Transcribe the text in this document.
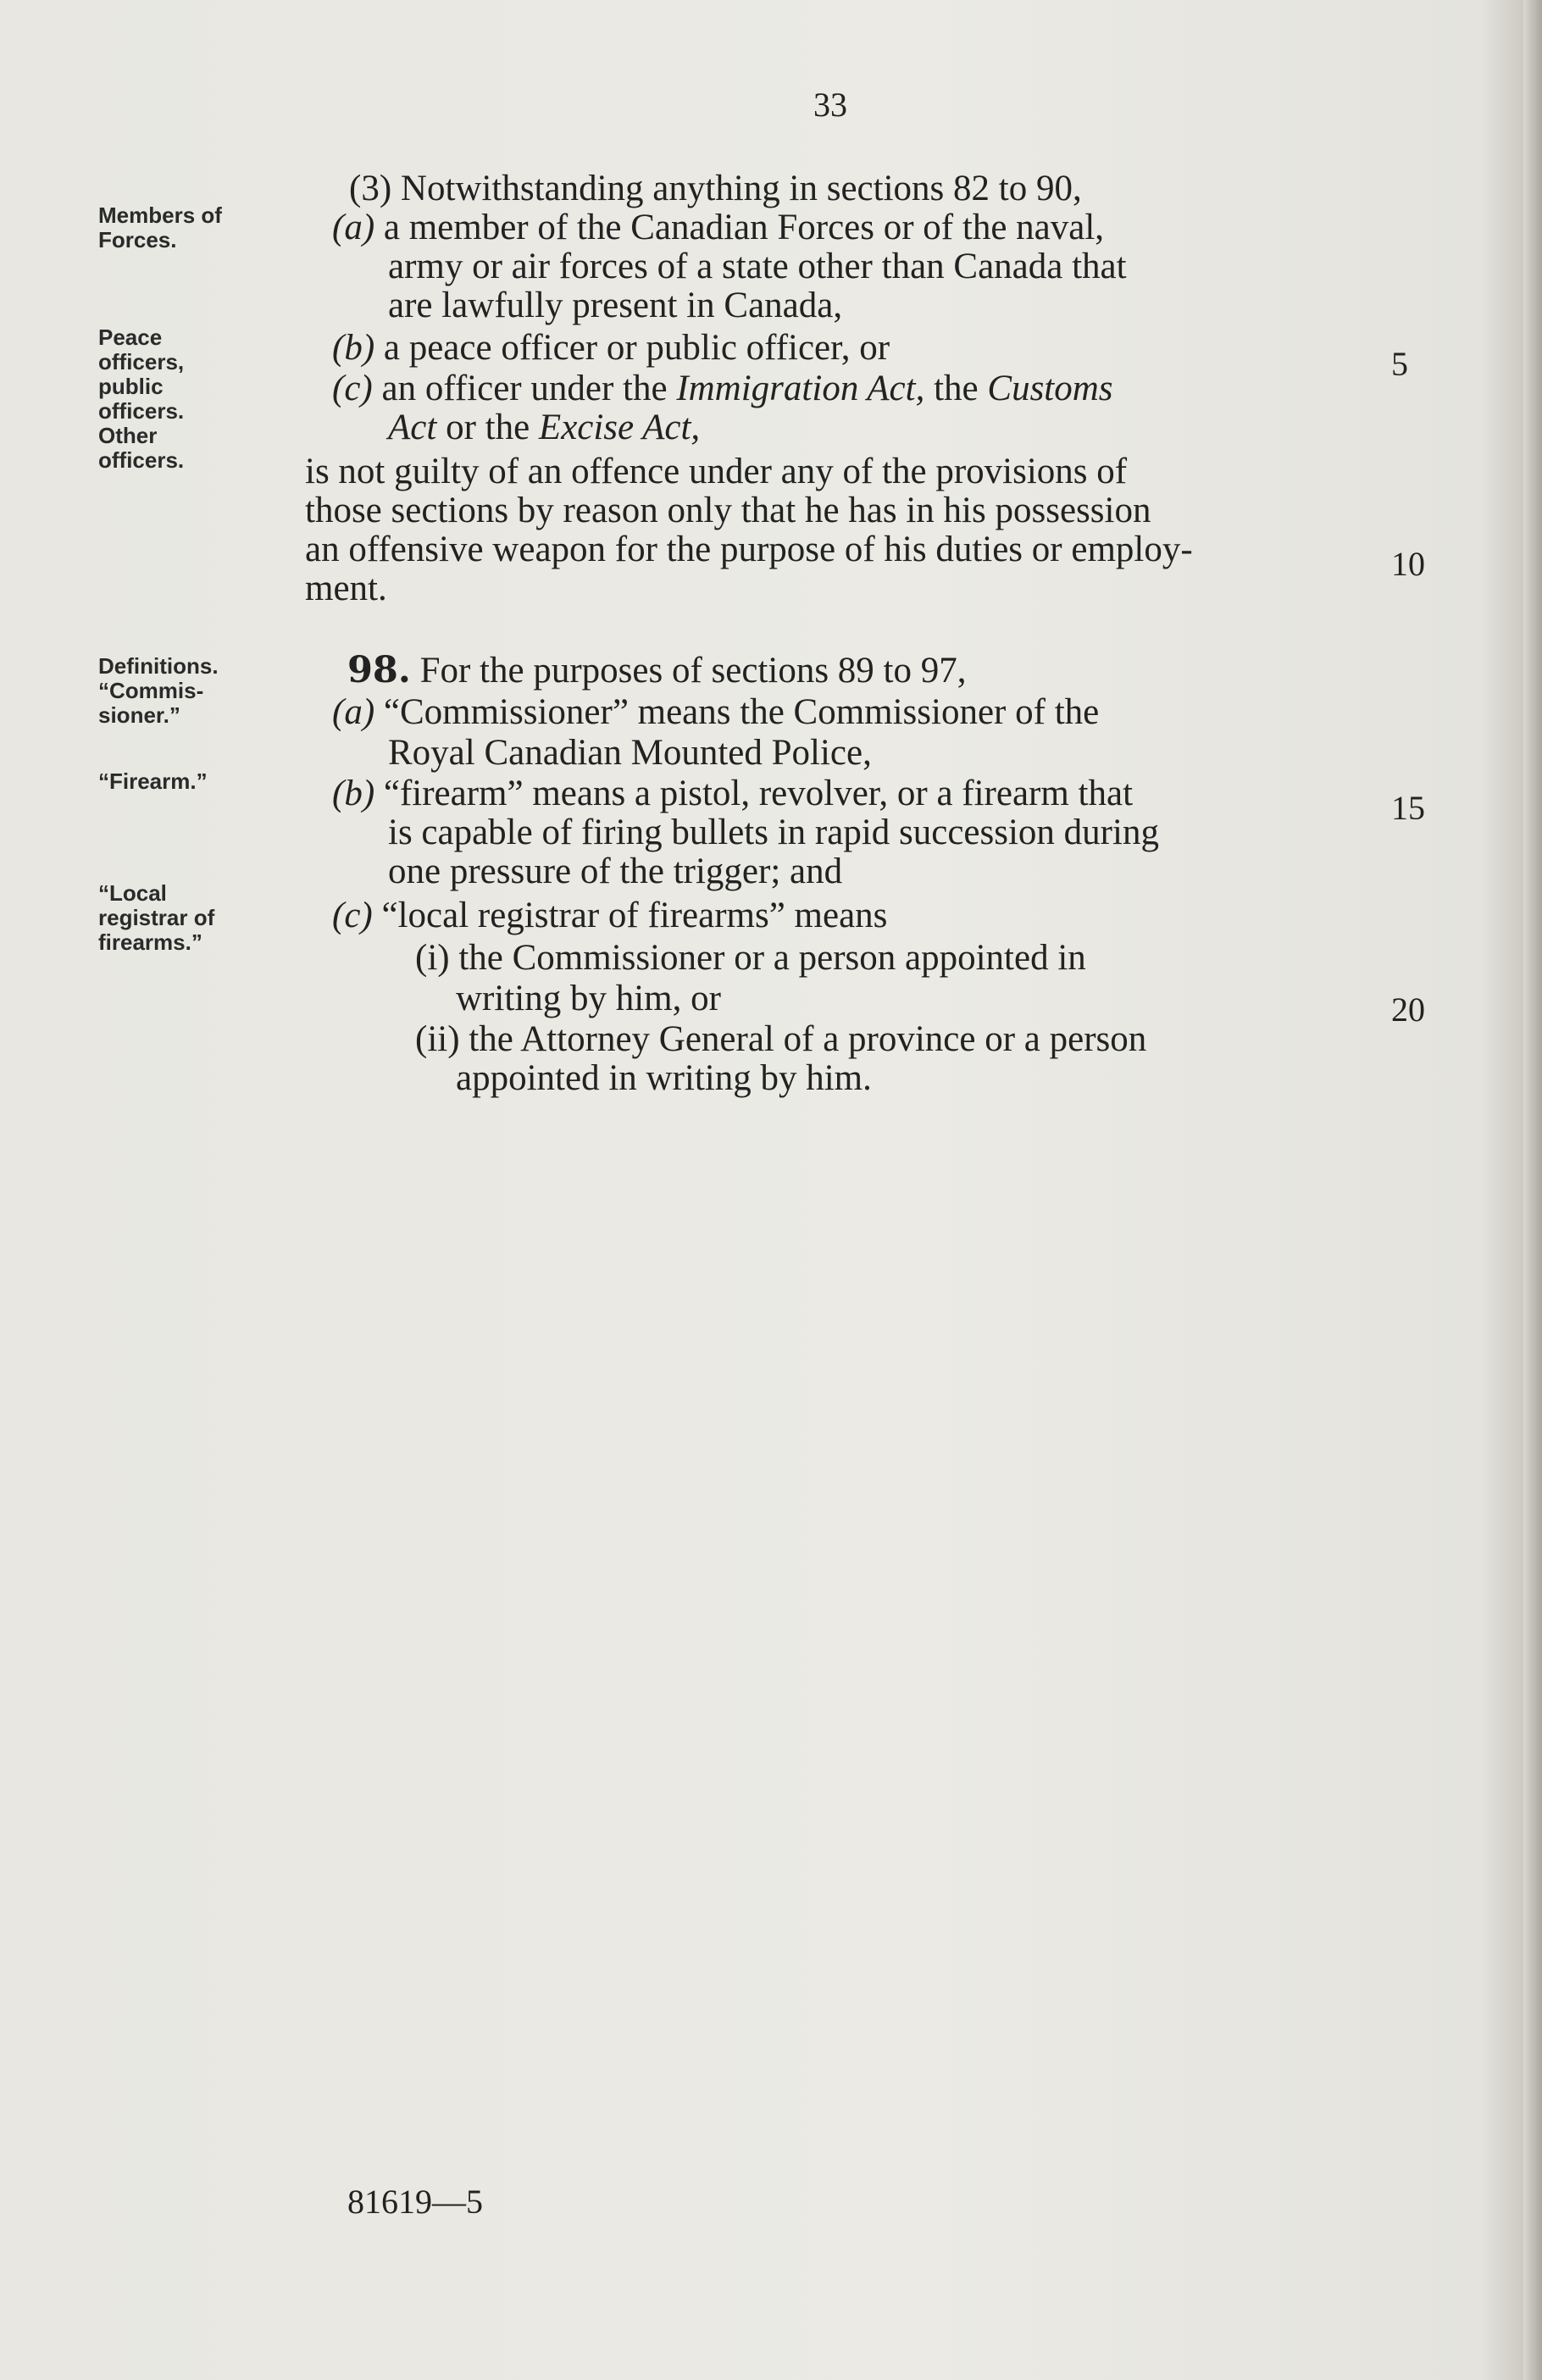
33
Members of
Forces.
Peace
officers,
public
officers.
Other
officers.
Definitions.
“Commis-
sioner.”
“Firearm.”
“Local
registrar of
firearms.”
(3) Notwithstanding anything in sections 82 to 90,
(a) a member of the Canadian Forces or of the naval,
army or air forces of a state other than Canada that
are lawfully present in Canada,
(b) a peace officer or public officer, or
(c) an officer under the Immigration Act, the Customs
Act or the Excise Act,
is not guilty of an offence under any of the provisions of
those sections by reason only that he has in his possession
an offensive weapon for the purpose of his duties or employ-
ment.
98. For the purposes of sections 89 to 97,
(a) “Commissioner” means the Commissioner of the
Royal Canadian Mounted Police,
(b) “firearm” means a pistol, revolver, or a firearm that
is capable of firing bullets in rapid succession during
one pressure of the trigger; and
(c) “local registrar of firearms” means
(i) the Commissioner or a person appointed in
writing by him, or
(ii) the Attorney General of a province or a person
appointed in writing by him.
5
10
15
20
81619—5
